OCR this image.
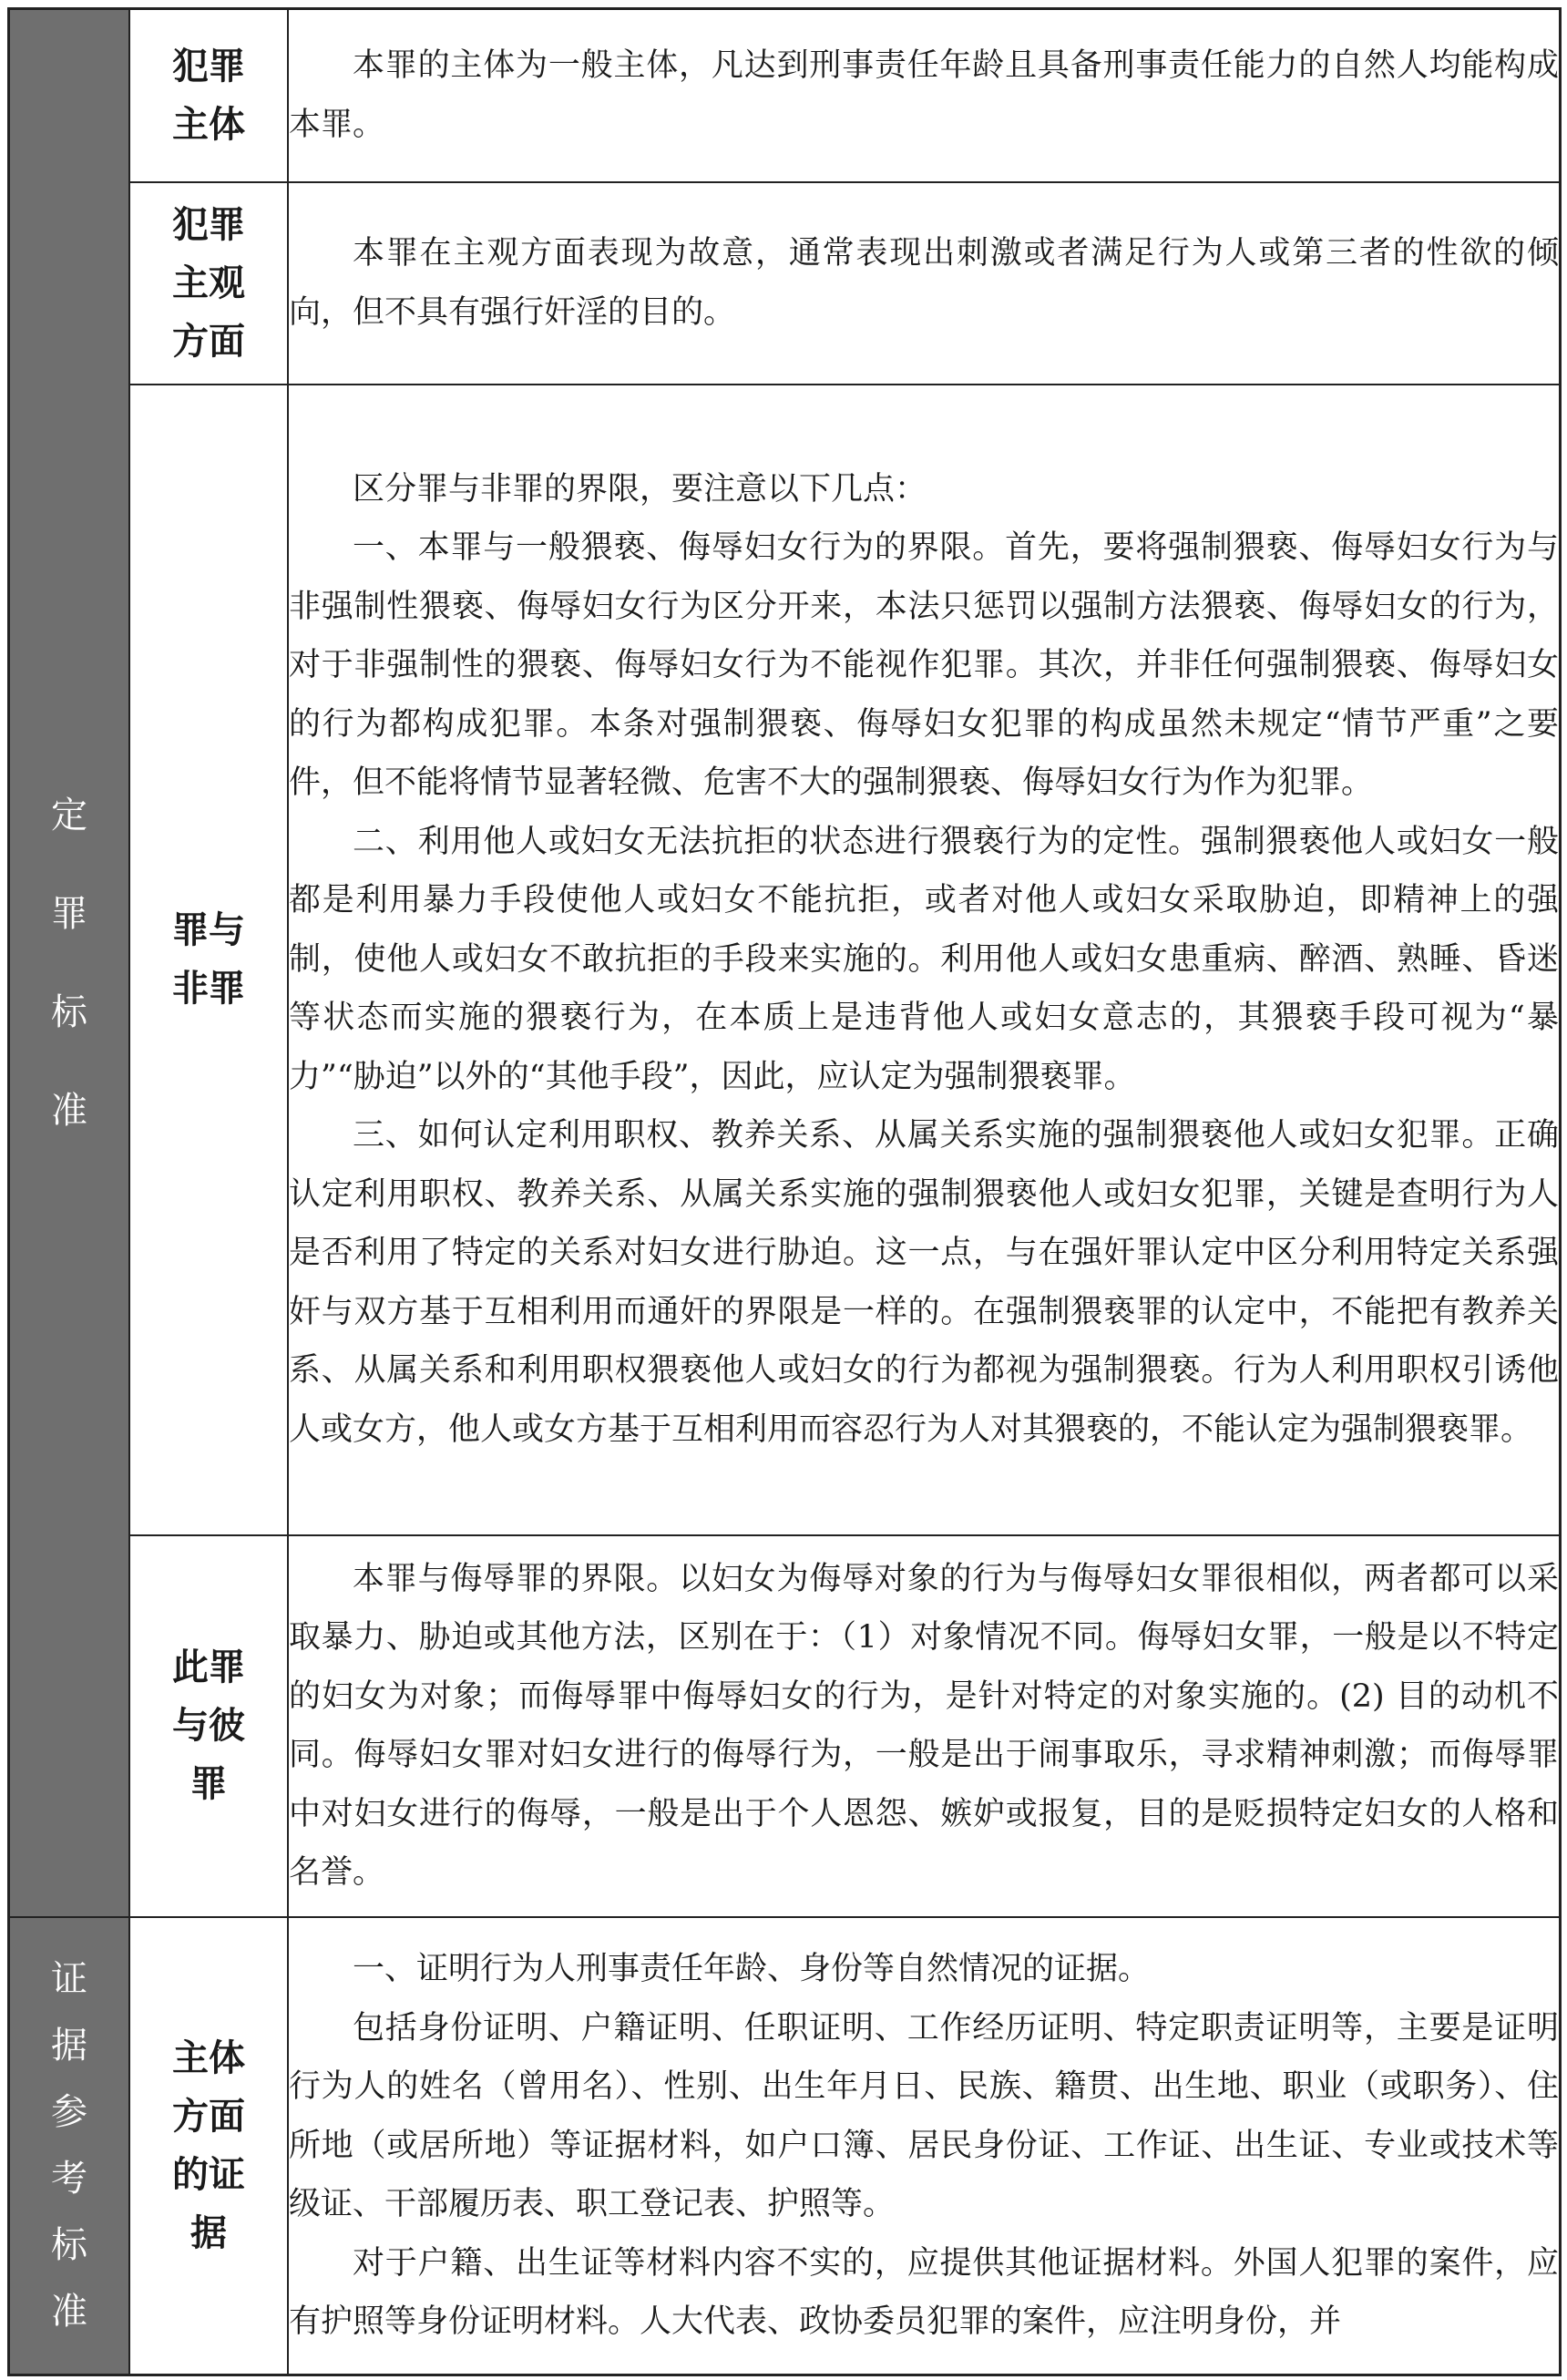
定罪标准	犯罪主体	本罪的主体为一般主体，凡达到刑事责任年龄且具备刑事责任能力的自然人均能构成本罪。

	犯罪主观方面	本罪在主观方面表现为故意，通常表现出刺激或者满足行为人或第三者的性欲的倾向，但不具有强行奸淫的目的。

	罪与非罪	区分罪与非罪的界限，要注意以下几点：

一、本罪与一般猥亵、侮辱妇女行为的界限。首先，要将强制猥亵、侮辱妇女行为与非强制性猥亵、侮辱妇女行为区分开来，本法只惩罚以强制方法猥亵、侮辱妇女的行为，对于非强制性的猥亵、侮辱妇女行为不能视作犯罪。其次，并非任何强制猥亵、侮辱妇女的行为都构成犯罪。本条对强制猥亵、侮辱妇女犯罪的构成虽然未规定“情节严重”之要件，但不能将情节显著轻微、危害不大的强制猥亵、侮辱妇女行为作为犯罪。

二、利用他人或妇女无法抗拒的状态进行猥亵行为的定性。强制猥亵他人或妇女一般都是利用暴力手段使他人或妇女不能抗拒，或者对他人或妇女采取胁迫，即精神上的强制，使他人或妇女不敢抗拒的手段来实施的。利用他人或妇女患重病、醉酒、熟睡、昏迷等状态而实施的猥亵行为，在本质上是违背他人或妇女意志的，其猥亵手段可视为“暴力”“胁迫”以外的“其他手段”，因此，应认定为强制猥亵罪。

三、如何认定利用职权、教养关系、从属关系实施的强制猥亵他人或妇女犯罪。正确认定利用职权、教养关系、从属关系实施的强制猥亵他人或妇女犯罪，关键是查明行为人是否利用了特定的关系对妇女进行胁迫。这一点，与在强奸罪认定中区分利用特定关系强奸与双方基于互相利用而通奸的界限是一样的。在强制猥亵罪的认定中，不能把有教养关系、从属关系和利用职权猥亵他人或妇女的行为都视为强制猥亵。行为人利用职权引诱他人或女方，他人或女方基于互相利用而容忍行为人对其猥亵的，不能认定为强制猥亵罪。

	此罪与彼罪	本罪与侮辱罪的界限。以妇女为侮辱对象的行为与侮辱妇女罪很相似，两者都可以采取暴力、胁迫或其他方法，区别在于：（1）对象情况不同。侮辱妇女罪，一般是以不特定的妇女为对象；而侮辱罪中侮辱妇女的行为，是针对特定的对象实施的。(2) 目的动机不同。侮辱妇女罪对妇女进行的侮辱行为，一般是出于闹事取乐，寻求精神刺激；而侮辱罪中对妇女进行的侮辱，一般是出于个人恩怨、嫉妒或报复，目的是贬损特定妇女的人格和名誉。

证据参考标准	主体方面的证据	一、证明行为人刑事责任年龄、身份等自然情况的证据。

包括身份证明、户籍证明、任职证明、工作经历证明、特定职责证明等，主要是证明行为人的姓名（曾用名）、性别、出生年月日、民族、籍贯、出生地、职业（或职务）、住所地（或居所地）等证据材料，如户口簿、居民身份证、工作证、出生证、专业或技术等级证、干部履历表、职工登记表、护照等。

对于户籍、出生证等材料内容不实的，应提供其他证据材料。外国人犯罪的案件，应有护照等身份证明材料。人大代表、政协委员犯罪的案件，应注明身份，并
